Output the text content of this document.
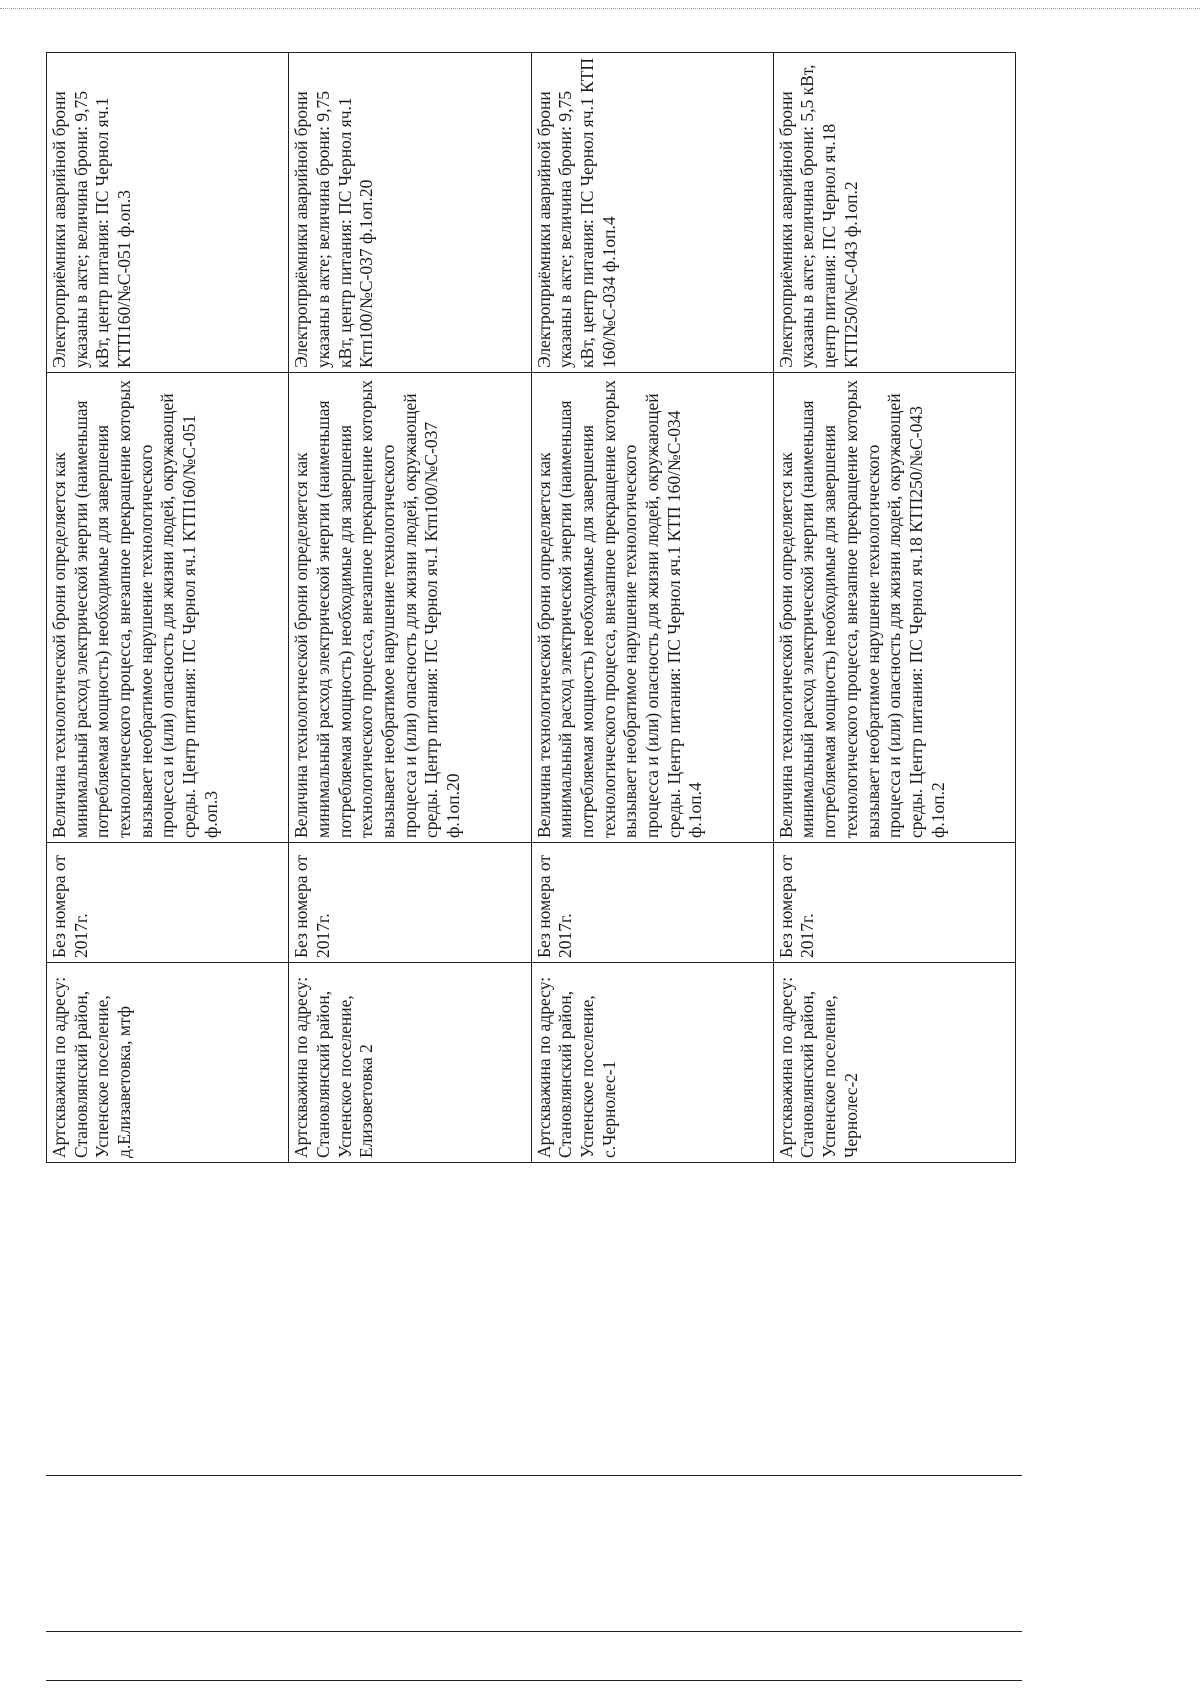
Артскважина по адресу: Становлянский район, Успенское поселение, д.Елизаветовка, мтф	Без номера от 2017г.	Величина технологической брони определяется как минимальный расход электрической энергии (наименьшая потребляемая мощность) необходимые для завершения технологического процесса, внезапное прекращение которых вызывает необратимое нарушение технологического процесса и (или) опасность для жизни людей, окружающей среды. Центр питания: ПС Чернол яч.1 КТП160/№С-051 ф.оп.3	Электроприёмники аварийной брони указаны в акте; величина брони: 9,75 кВт, центр питания: ПС Чернол яч.1 КТП160/№С-051 ф.оп.3
Артскважина по адресу: Становлянский район, Успенское поселение, Елизоветовка 2	Без номера от 2017г.	Величина технологической брони определяется как минимальный расход электрической энергии (наименьшая потребляемая мощность) необходимые для завершения технологического процесса, внезапное прекращение которых вызывает необратимое нарушение технологического процесса и (или) опасность для жизни людей, окружающей среды. Центр питания: ПС Чернол яч.1 Ктп100/№С-037 ф.1оп.20	Электроприёмники аварийной брони указаны в акте; величина брони: 9,75 кВт, центр питания: ПС Чернол яч.1 Ктп100/№С-037 ф.1оп.20
Артскважина по адресу: Становлянский район, Успенское поселение, с.Чернолес-1	Без номера от 2017г.	Величина технологической брони определяется как минимальный расход электрической энергии (наименьшая потребляемая мощность) необходимые для завершения технологического процесса, внезапное прекращение которых вызывает необратимое нарушение технологического процесса и (или) опасность для жизни людей, окружающей среды. Центр питания: ПС Чернол яч.1 КТП 160/№С-034 ф.1оп.4	Электроприёмники аварийной брони указаны в акте; величина брони: 9,75 кВт, центр питания: ПС Чернол яч.1 КТП 160/№С-034 ф.1оп.4
Артскважина по адресу: Становлянский район, Успенское поселение, Чернолес-2	Без номера от 2017г.	Величина технологической брони определяется как минимальный расход электрической энергии (наименьшая потребляемая мощность) необходимые для завершения технологического процесса, внезапное прекращение которых вызывает необратимое нарушение технологического процесса и (или) опасность для жизни людей, окружающей среды. Центр питания: ПС Чернол яч.18 КТП250/№С-043 ф.1оп.2	Электроприёмники аварийной брони указаны в акте; величина брони: 5,5 кВт, центр питания: ПС Чернол яч.18 КТП250/№С-043 ф.1оп.2
